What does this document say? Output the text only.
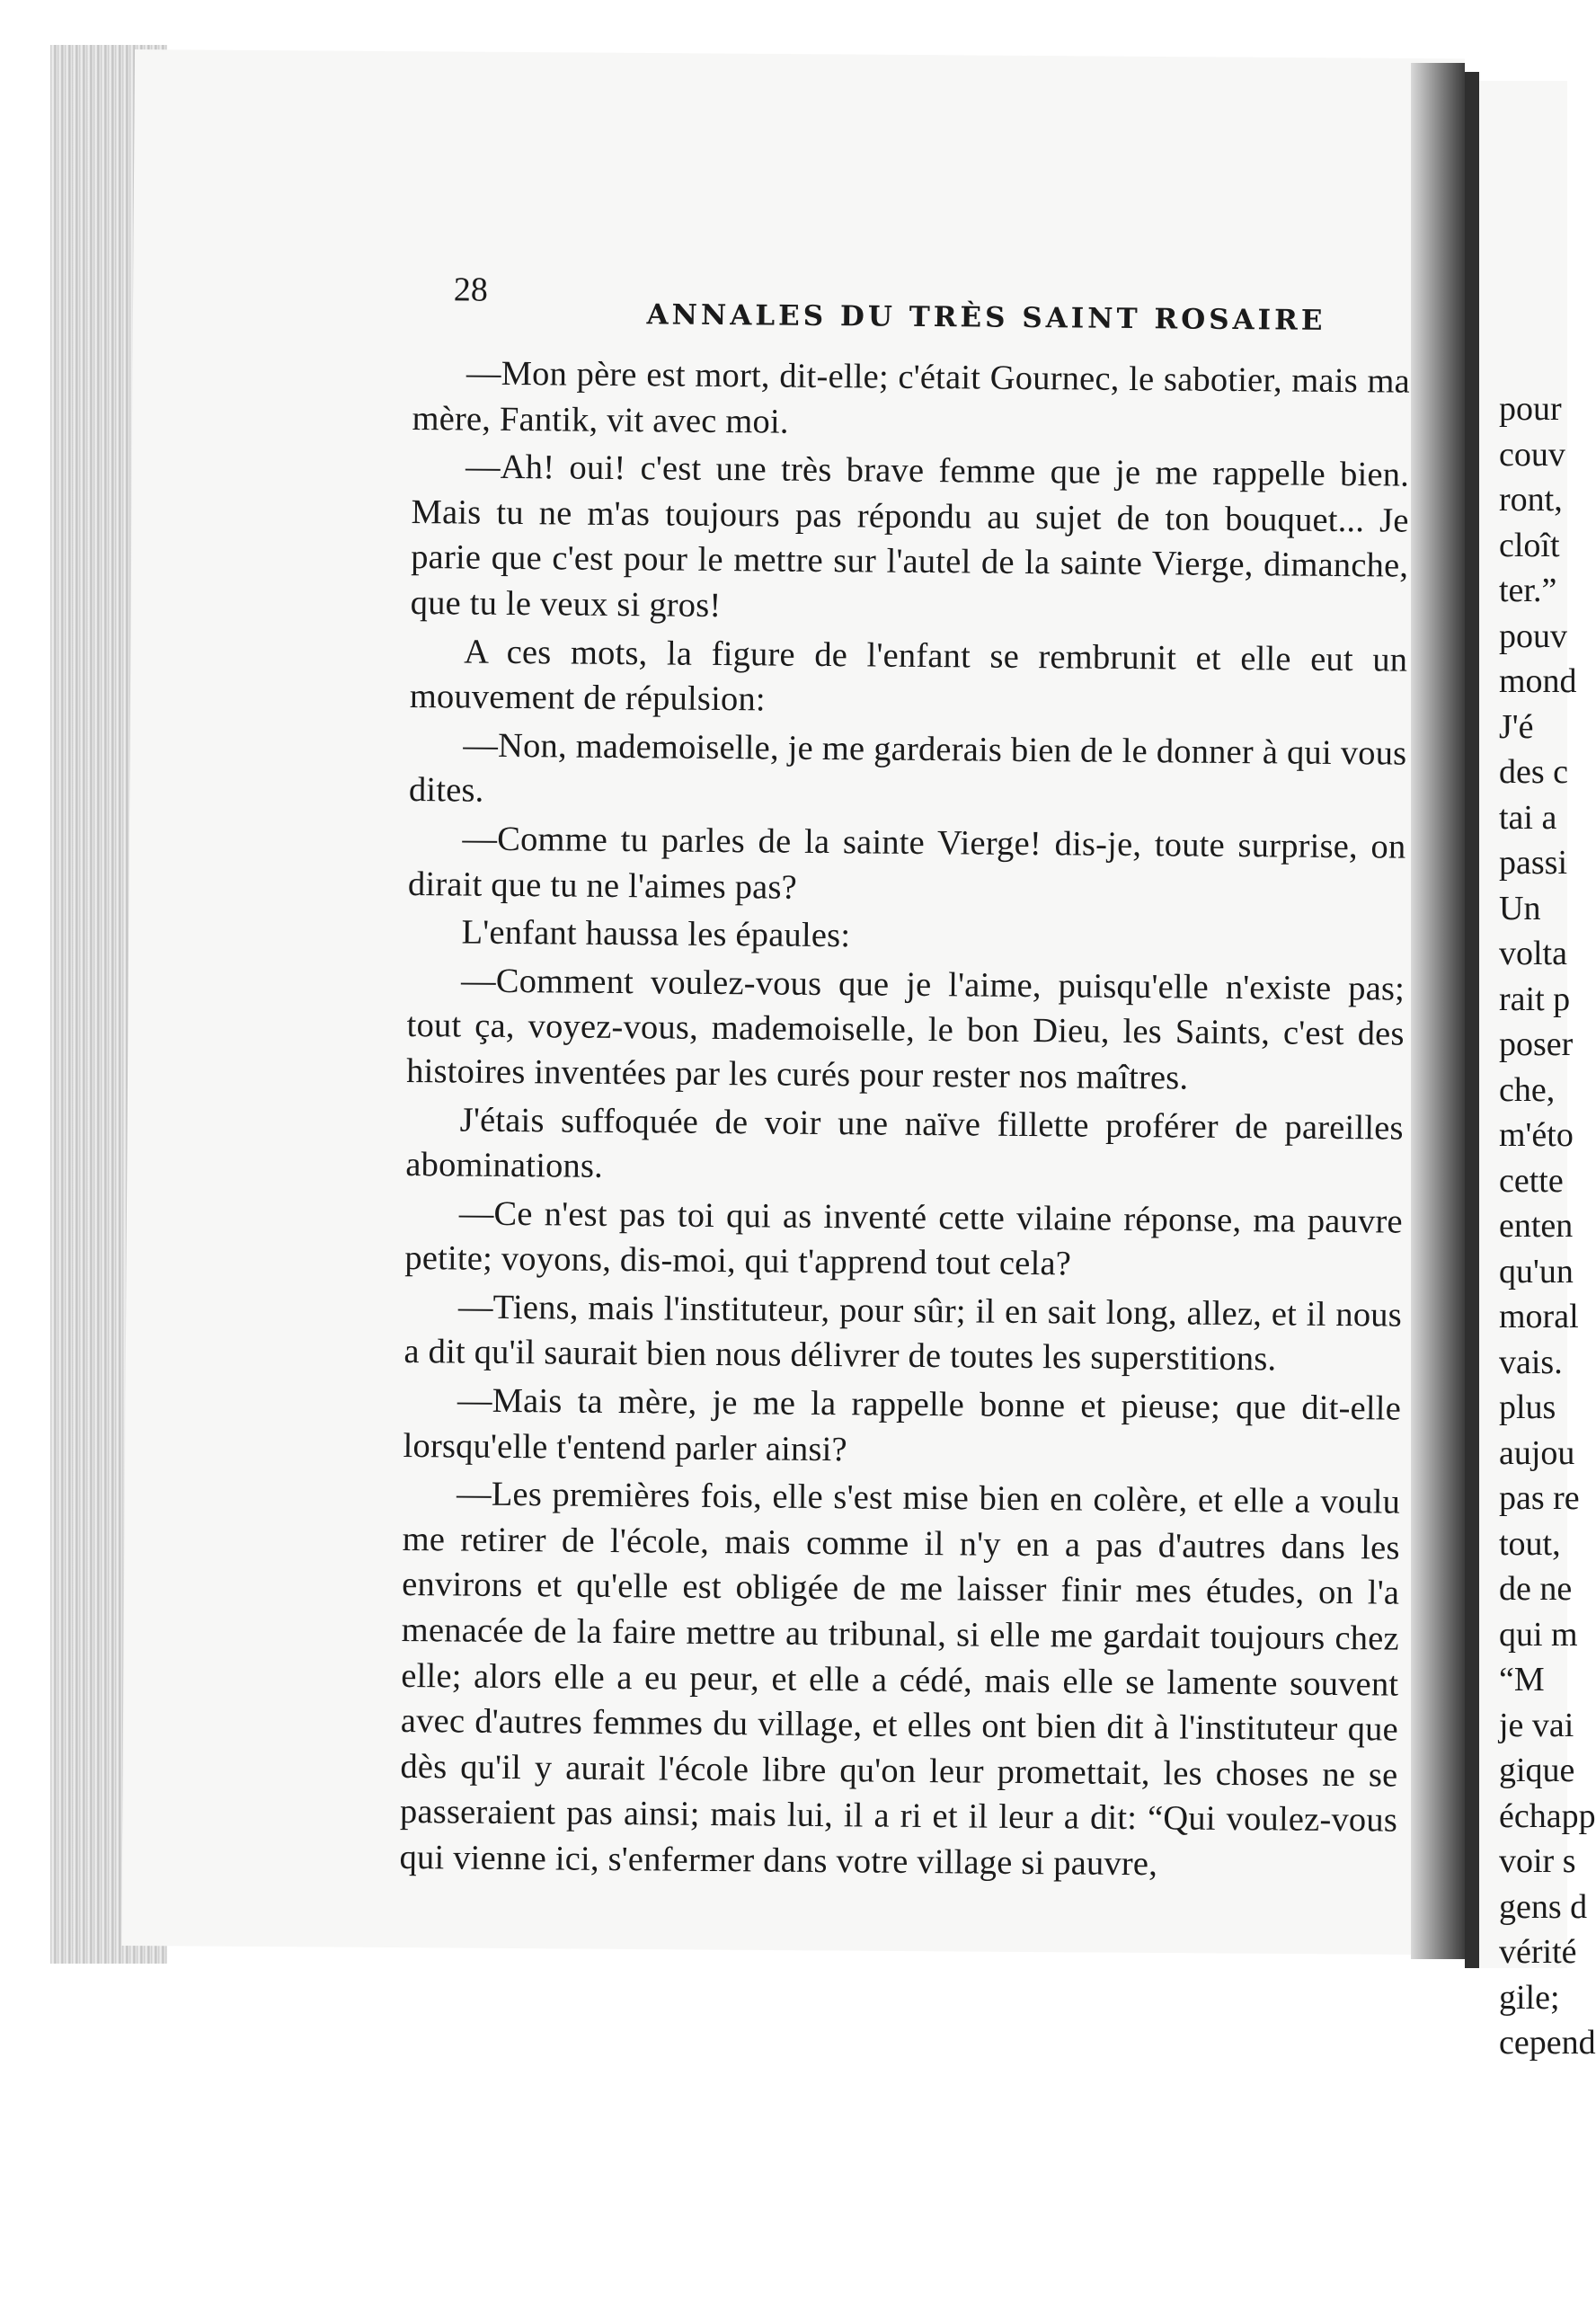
28
ANNALES DU TRÈS SAINT ROSAIRE

—Mon père est mort, dit-elle; c'était Gournec, le sabotier, mais ma mère, Fantik, vit avec moi.

—Ah! oui! c'est une très brave femme que je me rappelle bien. Mais tu ne m'as toujours pas répondu au sujet de ton bouquet... Je parie que c'est pour le mettre sur l'autel de la sainte Vierge, dimanche, que tu le veux si gros!

A ces mots, la figure de l'enfant se rembrunit et elle eut un mouvement de répulsion:

—Non, mademoiselle, je me garderais bien de le donner à qui vous dites.

—Comme tu parles de la sainte Vierge! dis-je, toute surprise, on dirait que tu ne l'aimes pas?

L'enfant haussa les épaules:

—Comment voulez-vous que je l'aime, puisqu'elle n'existe pas; tout ça, voyez-vous, mademoiselle, le bon Dieu, les Saints, c'est des histoires inventées par les curés pour rester nos maîtres.

J'étais suffoquée de voir une naïve fillette proférer de pareilles abominations.

—Ce n'est pas toi qui as inventé cette vilaine réponse, ma pauvre petite; voyons, dis-moi, qui t'apprend tout cela?

—Tiens, mais l'instituteur, pour sûr; il en sait long, allez, et il nous a dit qu'il saurait bien nous délivrer de toutes les superstitions.

—Mais ta mère, je me la rappelle bonne et pieuse; que dit-elle lorsqu'elle t'entend parler ainsi?

—Les premières fois, elle s'est mise bien en colère, et elle a voulu me retirer de l'école, mais comme il n'y en a pas d'autres dans les environs et qu'elle est obligée de me laisser finir mes études, on l'a menacée de la faire mettre au tribunal, si elle me gardait toujours chez elle; alors elle a eu peur, et elle a cédé, mais elle se lamente souvent avec d'autres femmes du village, et elles ont bien dit à l'instituteur que dès qu'il y aurait l'école libre qu'on leur promettait, les choses ne se passeraient pas ainsi; mais lui, il a ri et il leur a dit: “Qui voulez-vous qui vienne ici, s'enfermer dans votre village si pauvre,

pour
couv
ront,
cloît
ter.”
pouv
mond
J'é
des c
tai a
passi
Un
volta
rait p
poser
che,
m'éto
cette
enten
qu'un
moral
vais.
plus
aujou
pas re
tout,
de ne
qui m
“M
je vai
gique
échapp
voir s
gens d
vérité
gile;
cepend
